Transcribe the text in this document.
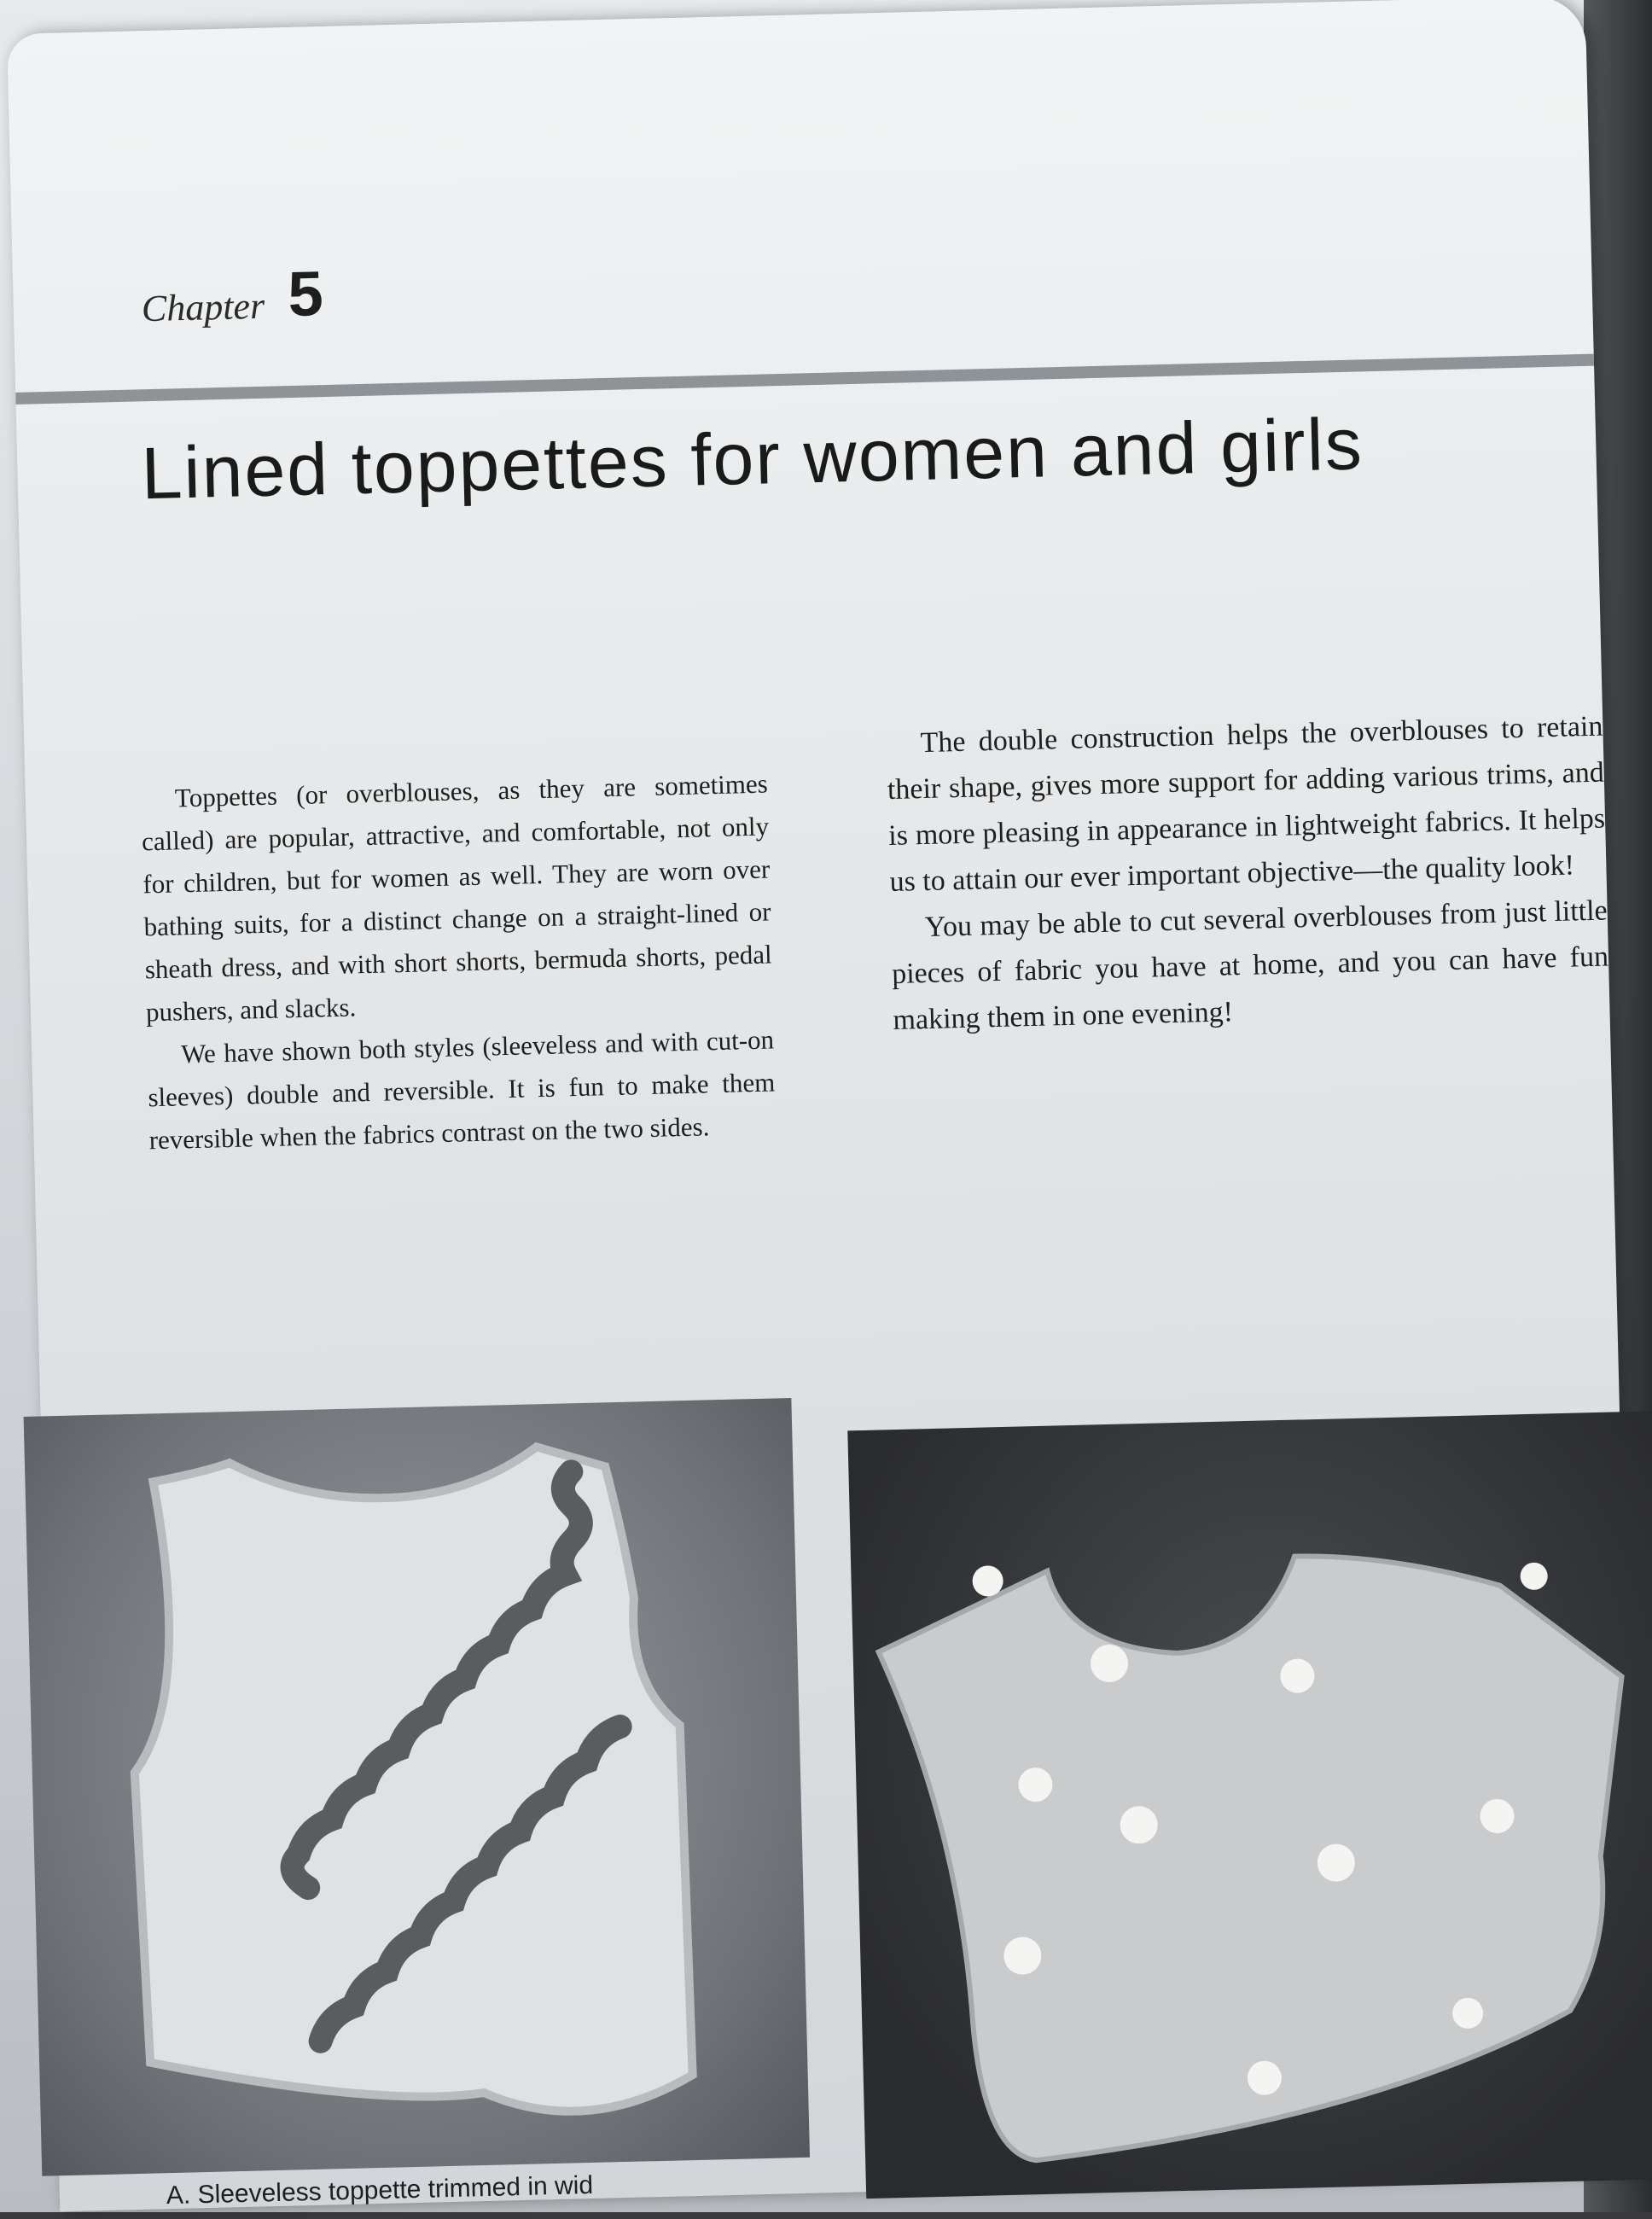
Chapter 5
Lined toppettes for women and girls

Toppettes (or overblouses, as they are sometimes called) are popular, attractive, and comfortable, not only for children, but for women as well. They are worn over bathing suits, for a distinct change on a straight-lined or sheath dress, and with short shorts, bermuda shorts, pedal pushers, and slacks.

We have shown both styles (sleeveless and with cut-on sleeves) double and reversible. It is fun to make them reversible when the fabrics contrast on the two sides.

The double construction helps the overblouses to retain their shape, gives more support for adding various trims, and is more pleasing in appearance in lightweight fabrics. It helps us to attain our ever important objective—the quality look!

You may be able to cut several overblouses from just little pieces of fabric you have at home, and you can have fun making them in one evening!

A. Sleeveless toppette trimmed in wid
